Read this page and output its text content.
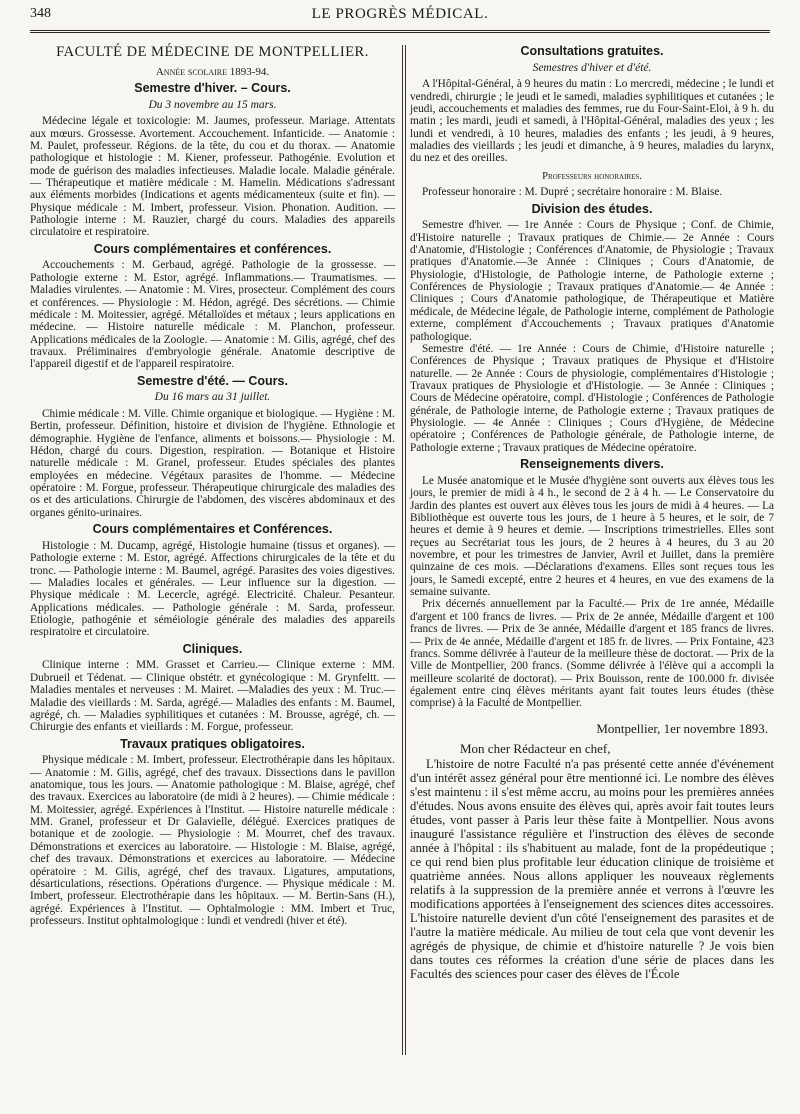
348	LE PROGRÈS MÉDICAL.
FACULTÉ DE MÉDECINE DE MONTPELLIER.
Année scolaire 1893-94.
Semestre d'hiver. – Cours.
Du 3 novembre au 15 mars.

Médecine légale et toxicologie: M. Jaumes, professeur. Mariage. Attentats aux mœurs. Grossesse. Avortement. Accouchement. Infanticide. — Anatomie : M. Paulet, professeur. Régions. de la tête, du cou et du thorax. — Anatomie pathologique et histologie : M. Kiener, professeur. Pathogénie. Evolution et mode de guérison des maladies infectieuses. Maladie locale. Maladie générale. — Thérapeutique et matière médicale : M. Hamelin. Médications s'adressant aux éléments morbides (Indications et agents médicamenteux (suite et fin). — Physique médicale : M. Imbert, professeur. Vision. Phonation. Audition. — Pathologie interne : M. Rauzier, chargé du cours. Maladies des appareils circulatoire et respiratoire.

Cours complémentaires et conférences.

Accouchements : M. Gerbaud, agrégé. Pathologie de la grossesse. — Pathologie externe : M. Estor, agrégé. Inflammations.— Traumatismes. — Maladies virulentes. — Anatomie : M. Vires, prosecteur. Complément des cours et conférences. — Physiologie : M. Hédon, agrégé. Des sécrétions. — Chimie médicale : M. Moitessier, agrégé. Métalloïdes et métaux ; leurs applications en médecine. — Histoire naturelle médicale : M. Planchon, professeur. Applications médicales de la Zoologie. — Anatomie : M. Gilis, agrégé, chef des travaux. Préliminaires d'embryologie générale. Anatomie descriptive de l'appareil digestif et de l'appareil respiratoire.

Semestre d'été. — Cours.
Du 16 mars au 31 juillet.

Chimie médicale : M. Ville. Chimie organique et biologique. — Hygiène : M. Bertin, professeur. Définition, histoire et division de l'hygiène. Ethnologie et démographie. Hygiène de l'enfance, aliments et boissons.— Physiologie : M. Hédon, chargé du cours. Digestion, respiration. — Botanique et Histoire naturelle médicale : M. Granel, professeur. Etudes spéciales des plantes employées en médecine. Végétaux parasites de l'homme. — Médecine opératoire : M. Forgue, professeur. Thérapeutique chirurgicale des maladies des os et des articulations. Chirurgie de l'abdomen, des viscères abdominaux et des organes génito-urinaires.

Cours complémentaires et Conférences.

Histologie : M. Ducamp, agrégé, Histologie humaine (tissus et organes). — Pathologie externe : M. Estor, agrégé. Affections chirurgicales de la tête et du tronc. — Pathologie interne : M. Baumel, agrégé. Parasites des voies digestives. — Maladies locales et générales. — Leur influence sur la digestion. — Physique médicale : M. Lecercle, agrégé. Electricité. Chaleur. Pesanteur. Applications médicales. — Pathologie générale : M. Sarda, professeur. Etiologie, pathogénie et séméiologie générale des maladies des appareils respiratoire et circulatoire.

Cliniques.

Clinique interne : MM. Grasset et Carrieu.— Clinique externe : MM. Dubrueil et Tédenat. — Clinique obstétr. et gynécologique : M. Grynfeltt. — Maladies mentales et nerveuses : M. Mairet. —Maladies des yeux : M. Truc.—Maladie des vieillards : M. Sarda, agrégé.— Maladies des enfants : M. Baumel, agrégé, ch. — Maladies syphilitiques et cutanées : M. Brousse, agrégé, ch. — Chirurgie des enfants et vieillards : M. Forgue, professeur.

Travaux pratiques obligatoires.

Physique médicale : M. Imbert, professeur. Electrothérapie dans les hôpitaux. — Anatomie : M. Gilis, agrégé, chef des travaux. Dissections dans le pavillon anatomique, tous les jours. — Anatomie pathologique : M. Blaise, agrégé, chef des travaux. Exercices au laboratoire (de midi à 2 heures). — Chimie médicale : M. Moitessier, agrégé. Expériences à l'Institut. — Histoire naturelle médicale : MM. Granel, professeur et Dr Galavielle, délégué. Exercices pratiques de botanique et de zoologie. — Physiologie : M. Mourret, chef des travaux. Démonstrations et exercices au laboratoire. — Histologie : M. Blaise, agrégé, chef des travaux. Démonstrations et exercices au laboratoire. — Médecine opératoire : M. Gilis, agrégé, chef des travaux. Ligatures, amputations, désarticulations, résections. Opérations d'urgence. — Physique médicale : M. Imbert, professeur. Electrothérapie dans les hôpitaux. — M. Bertin-Sans (H.), agrégé. Expériences à l'Institut. — Ophtalmologie : MM. Imbert et Truc, professeurs. Institut ophtalmologique : lundi et vendredi (hiver et été).

Consultations gratuites.
Semestres d'hiver et d'été.

A l'Hôpital-Général, à 9 heures du matin : Lo mercredi, médecine ; le lundi et vendredi, chirurgie ; le jeudi et le samedi, maladies syphilitiques et cutanées ; le jeudi, accouchements et maladies des femmes, rue du Four-Saint-Eloi, à 9 h. du matin ; les mardi, jeudi et samedi, à l'Hôpital-Général, maladies des yeux ; les lundi et vendredi, à 10 heures, maladies des enfants ; les jeudi, à 9 heures, maladies des vieillards ; les jeudi et dimanche, à 9 heures, maladies du larynx, du nez et des oreilles.

Professeurs honoraires.

Professeur honoraire : M. Dupré ; secrétaire honoraire : M. Blaise.

Division des études.

Semestre d'hiver. — 1re Année : Cours de Physique ; Conf. de Chimie, d'Histoire naturelle ; Travaux pratiques de Chimie.— 2e Année : Cours d'Anatomie, d'Histologie ; Conférences d'Anatomie, de Physiologie ; Travaux pratiques d'Anatomie.—3e Année : Cliniques ; Cours d'Anatomie, de Physiologie, d'Histologie, de Pathologie interne, de Pathologie externe ; Conférences de Physiologie ; Travaux pratiques d'Anatomie.— 4e Année : Cliniques ; Cours d'Anatomie pathologique, de Thérapeutique et Matière médicale, de Médecine légale, de Pathologie interne, complément de Pathologie externe, complément d'Accouchements ; Travaux pratiques d'Anatomie pathologique.

Semestre d'été. — 1re Année : Cours de Chimie, d'Histoire naturelle ; Conférences de Physique ; Travaux pratiques de Physique et d'Histoire naturelle. — 2e Année : Cours de physiologie, complémentaires d'Histologie ; Travaux pratiques de Physiologie et d'Histologie. — 3e Année : Cliniques ; Cours de Médecine opératoire, compl. d'Histologie ; Conférences de Pathologie générale, de Pathologie interne, de Pathologie externe ; Travaux pratiques de Physiologie. — 4e Année : Cliniques ; Cours d'Hygiène, de Médecine opératoire ; Conférences de Pathologie générale, de Pathologie interne, de Pathologie externe ; Travaux pratiques de Médecine opératoire.

Renseignements divers.

Le Musée anatomique et le Musée d'hygiène sont ouverts aux élèves tous les jours, le premier de midi à 4 h., le second de 2 à 4 h. — Le Conservatoire du Jardin des plantes est ouvert aux élèves tous les jours de midi à 4 heures. — La Bibliothèque est ouverte tous les jours, de 1 heure à 5 heures, et le soir, de 7 heures et demie à 9 heures et demie. — Inscriptions trimestrielles. Elles sont reçues au Secrétariat tous les jours, de 2 heures à 4 heures, du 3 au 20 novembre, et pour les trimestres de Janvier, Avril et Juillet, dans la première quinzaine de ces mois. —Déclarations d'examens. Elles sont reçues tous les jours, le Samedi excepté, entre 2 heures et 4 heures, en vue des examens de la semaine suivante.

Prix décernés annuellement par la Faculté.— Prix de 1re année, Médaille d'argent et 100 francs de livres. — Prix de 2e année, Médaille d'argent et 100 francs de livres. — Prix de 3e année, Médaille d'argent et 185 francs de livres. — Prix de 4e année, Médaille d'argent et 185 fr. de livres. — Prix Fontaine, 423 francs. Somme délivrée à l'auteur de la meilleure thèse de doctorat. — Prix de la Ville de Montpellier, 200 francs. (Somme délivrée à l'élève qui a accompli la meilleure scolarité de doctorat). — Prix Bouisson, rente de 100.000 fr. divisée également entre cinq élèves méritants ayant fait toutes leurs études (thèse comprise) à la Faculté de Montpellier.

Montpellier, 1er novembre 1893.
Mon cher Rédacteur en chef,

L'histoire de notre Faculté n'a pas présenté cette année d'événement d'un intérêt assez général pour être mentionné ici. Le nombre des élèves s'est maintenu : il s'est même accru, au moins pour les premières années d'études. Nous avons ensuite des élèves qui, après avoir fait toutes leurs études, vont passer à Paris leur thèse faite à Montpellier. Nous avons inauguré l'assistance régulière et l'instruction des élèves de seconde année à l'hôpital : ils s'habituent au malade, font de la propédeutique ; ce qui rend bien plus profitable leur éducation clinique de troisième et quatrième années. Nous allons appliquer les nouveaux règlements relatifs à la suppression de la première année et verrons à l'œuvre les modifications apportées à l'enseignement des sciences dites accessoires. L'histoire naturelle devient d'un côté l'enseignement des parasites et de l'autre la matière médicale. Au milieu de tout cela que vont devenir les agrégés de physique, de chimie et d'histoire naturelle ? Je vois bien dans toutes ces réformes la création d'une série de places dans les Facultés des sciences pour caser des élèves de l'École
